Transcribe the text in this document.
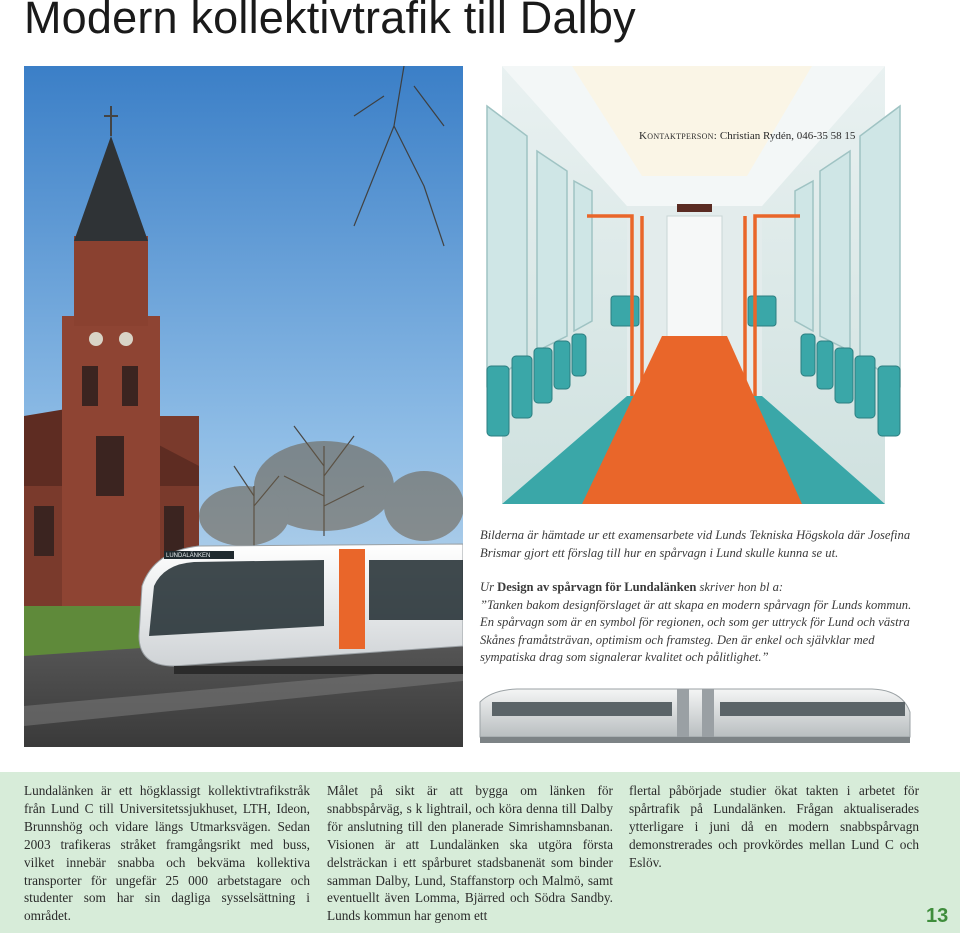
Modern kollektivtrafik till Dalby
LUNDALÄNKEN

Bilderna är hämtade ur ett examensarbete vid Lunds Tekniska Högskola där Josefina Brismar gjort ett förslag till hur en spårvagn i Lund skulle kunna se ut.

Ur Design av spårvagn för Lundalänken skriver hon bl a:

”Tanken bakom designförslaget är att skapa en modern spårvagn för Lunds kommun. En spårvagn som är en symbol för regionen, och som ger uttryck för Lund och västra Skånes framåtsträvan, optimism och framsteg. Den är enkel och självklar med sympatiska drag som signalerar kvalitet och pålitlighet.”

Lundalänken är ett högklassigt kollektivtrafikstråk från Lund C till Universitetssjukhuset, LTH, Ideon, Brunnshög och vidare längs Utmarksvägen. Sedan 2003 trafikeras stråket framgångsrikt med buss, vilket innebär snabba och bekväma kollektiva transporter för ungefär 25 000 arbetstagare och studenter som har sin dagliga sysselsättning i området.
Målet på sikt är att bygga om länken för snabbspårväg, s k lightrail, och köra denna till Dalby för anslutning till den planerade Simrishamnsbanan. Visionen är att Lundalänken ska utgöra första delsträckan i ett spårburet stadsbanenät som binder samman Dalby, Lund, Staffanstorp och Malmö, samt eventuellt även Lomma, Bjärred och Södra Sandby. Lunds kommun har genom ett
flertal påbörjade studier ökat takten i arbetet för spårtrafik på Lundalänken. Frågan aktualiserades ytterligare i juni då en modern snabbspårvagn demonstrerades och provkördes mellan Lund C och Eslöv.
Kontaktperson: Christian Rydén, 046-35 58 15
13
